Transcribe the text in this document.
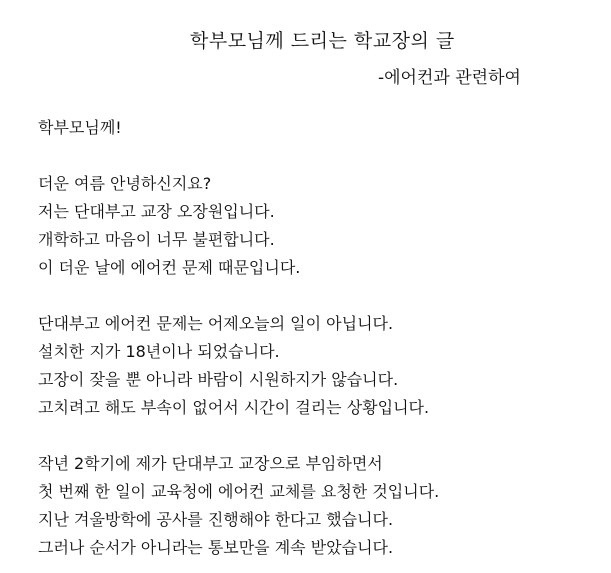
학부모님께 드리는 학교장의 글
-에어컨과 관련하여
학부모님께!
더운 여름 안녕하신지요?
저는 단대부고 교장 오장원입니다.
개학하고 마음이 너무 불편합니다.
이 더운 날에 에어컨 문제 때문입니다.
단대부고 에어컨 문제는 어제오늘의 일이 아닙니다.
설치한 지가 18년이나 되었습니다.
고장이 잦을 뿐 아니라 바람이 시원하지가 않습니다.
고치려고 해도 부속이 없어서 시간이 걸리는 상황입니다.
작년 2학기에 제가 단대부고 교장으로 부임하면서
첫 번째 한 일이 교육청에 에어컨 교체를 요청한 것입니다.
지난 겨울방학에 공사를 진행해야 한다고 했습니다.
그러나 순서가 아니라는 통보만을 계속 받았습니다.
